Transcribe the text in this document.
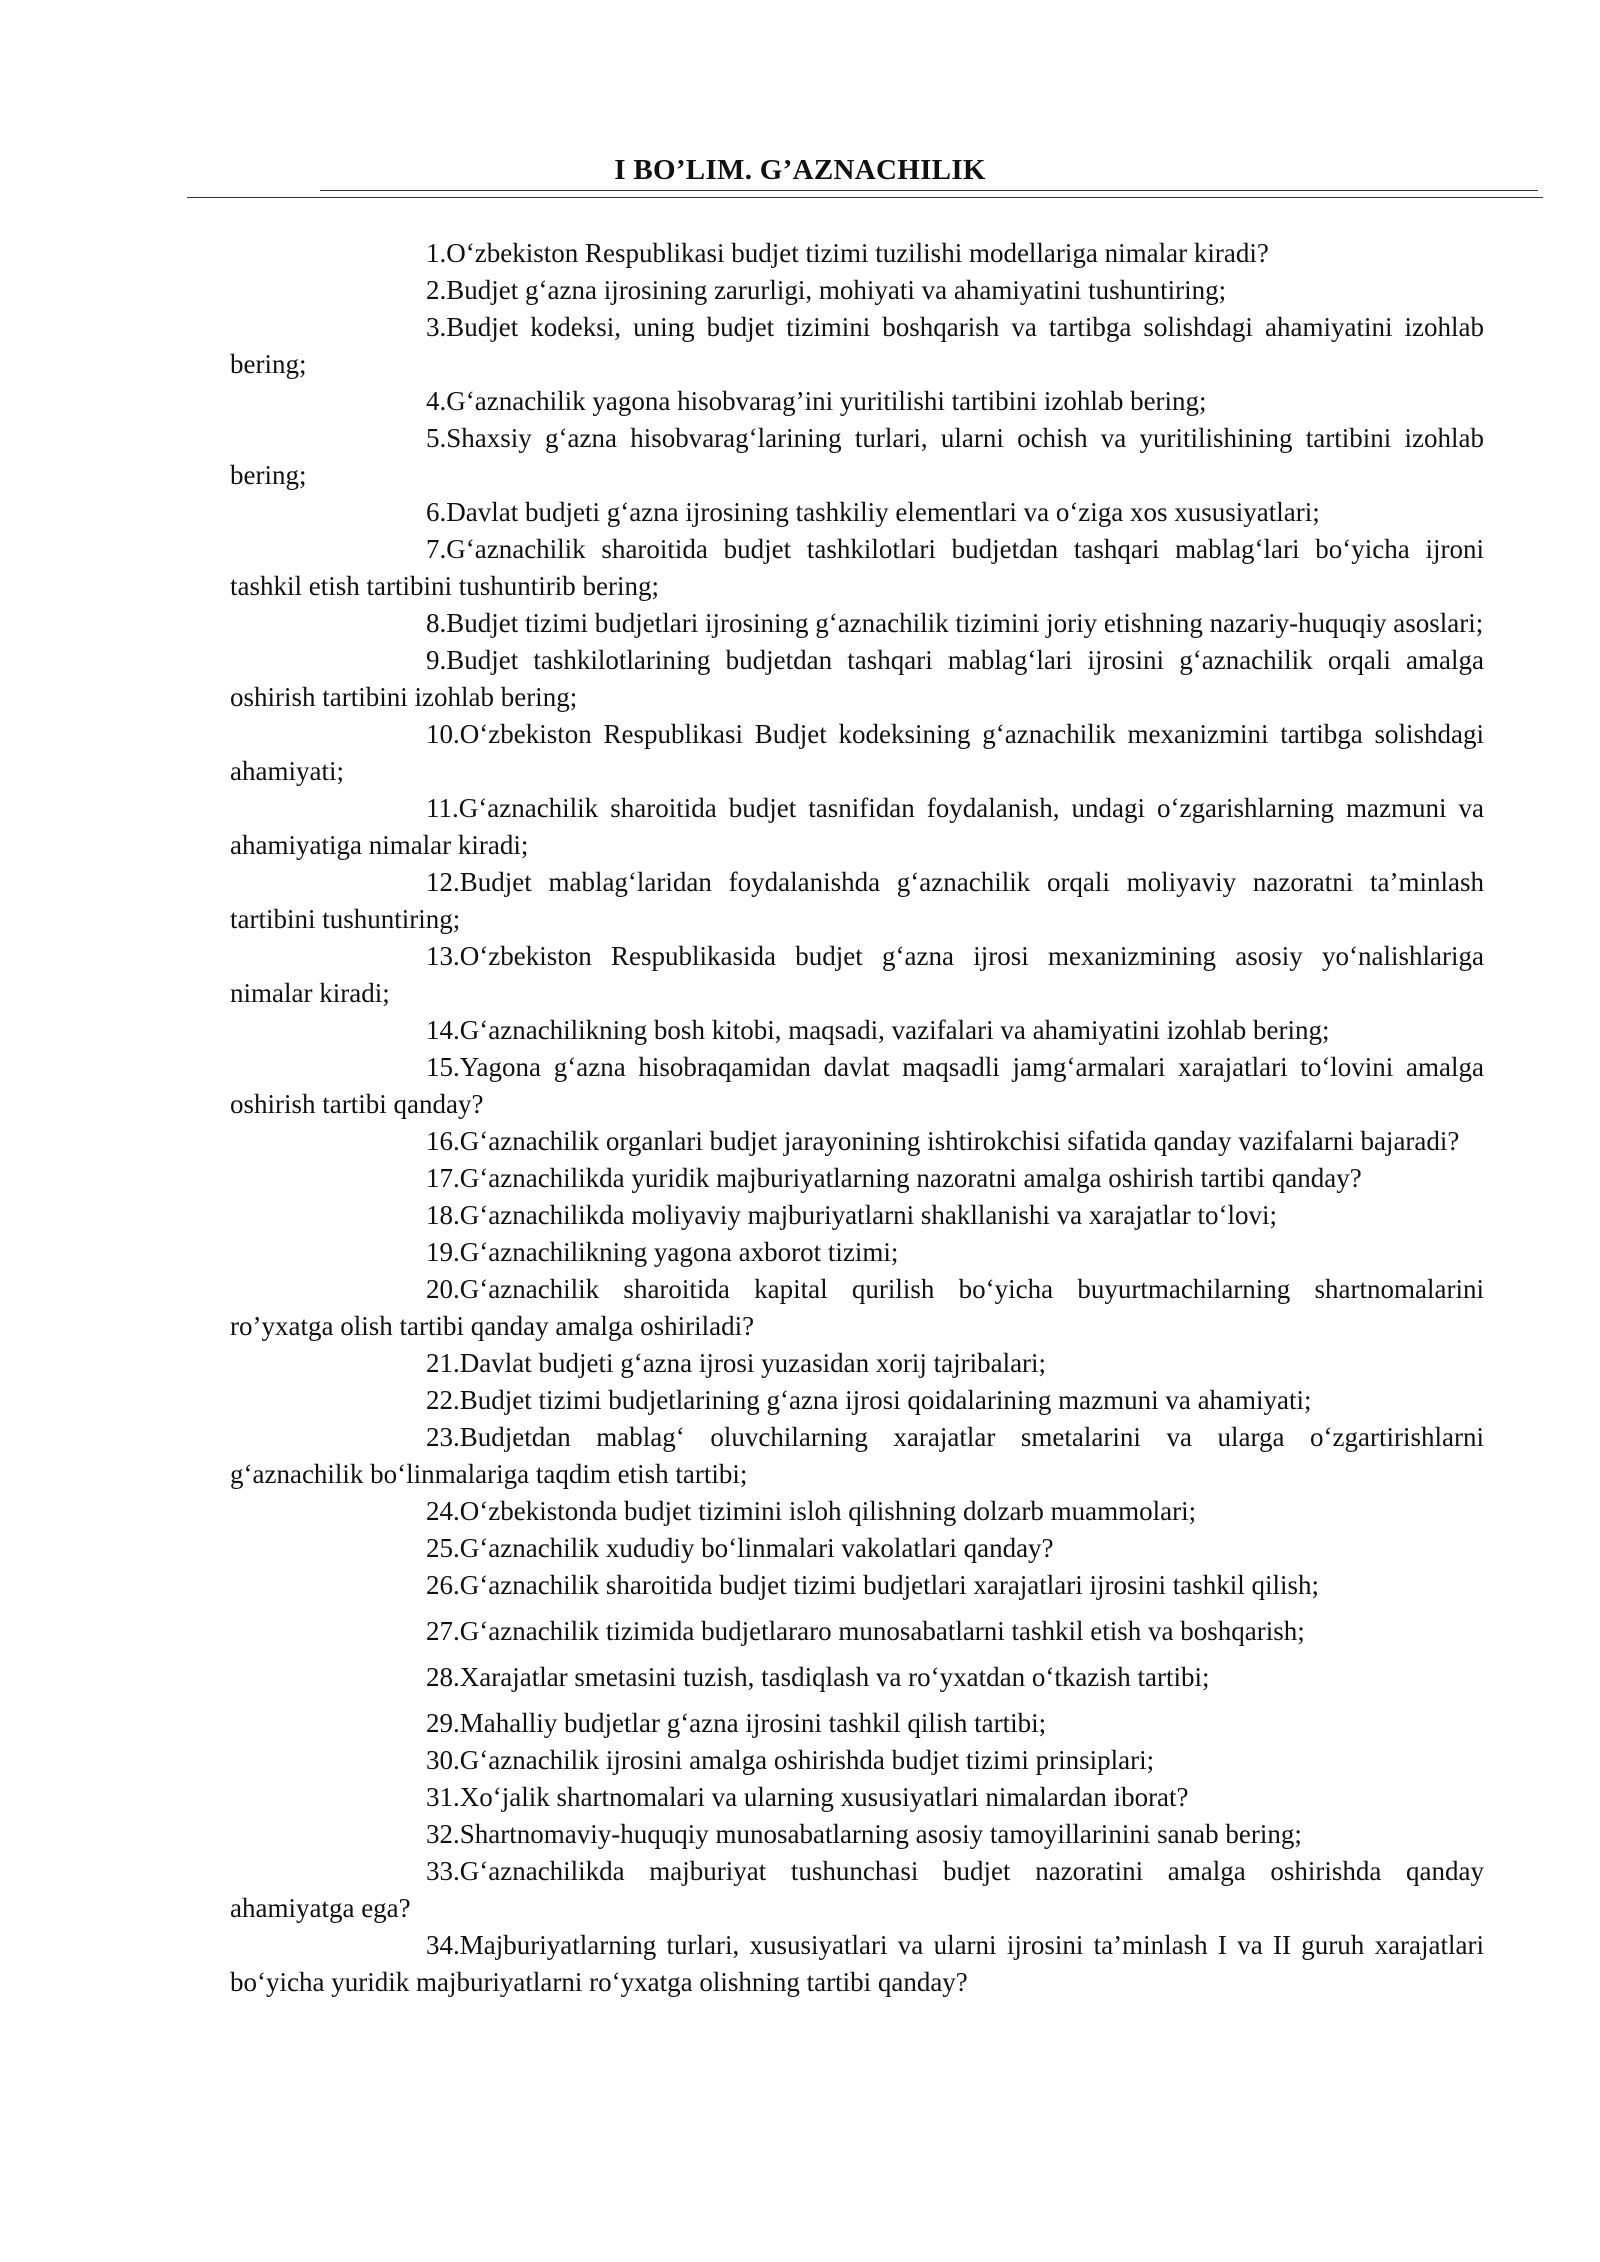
I BO’LIM. G’AZNACHILIK
1.O‘zbekiston Respublikasi budjet tizimi tuzilishi modellariga nimalar kiradi?
2.Budjet g‘azna ijrosining zarurligi, mohiyati va ahamiyatini tushuntiring;
3.Budjet kodeksi, uning budjet tizimini boshqarish va tartibga solishdagi ahamiyatini izohlab bering;
4.G‘aznachilik yagona hisobvarag’ini yuritilishi tartibini izohlab bering;
5.Shaxsiy g‘azna hisobvarag‘larining turlari, ularni ochish va yuritilishining tartibini izohlab bering;
6.Davlat budjeti g‘azna ijrosining tashkiliy elementlari va o‘ziga xos xususiyatlari;
7.G‘aznachilik sharoitida budjet tashkilotlari budjetdan tashqari mablag‘lari bo‘yicha ijroni tashkil etish tartibini tushuntirib bering;
8.Budjet tizimi budjetlari ijrosining g‘aznachilik tizimini joriy etishning nazariy-huquqiy asoslari;
9.Budjet tashkilotlarining budjetdan tashqari mablag‘lari ijrosini g‘aznachilik orqali amalga oshirish tartibini izohlab bering;
10.O‘zbekiston Respublikasi Budjet kodeksining g‘aznachilik mexanizmini tartibga solishdagi ahamiyati;
11.G‘aznachilik sharoitida budjet tasnifidan foydalanish, undagi o‘zgarishlarning mazmuni va ahamiyatiga nimalar kiradi;
12.Budjet mablag‘laridan foydalanishda g‘aznachilik orqali moliyaviy nazoratni ta’minlash tartibini tushuntiring;
13.O‘zbekiston Respublikasida budjet g‘azna ijrosi mexanizmining asosiy yo‘nalishlariga nimalar kiradi;
14.G‘aznachilikning bosh kitobi, maqsadi, vazifalari va ahamiyatini izohlab bering;
15.Yagona g‘azna hisobraqamidan davlat maqsadli jamg‘armalari xarajatlari to‘lovini amalga oshirish tartibi qanday?
16.G‘aznachilik organlari budjet jarayonining ishtirokchisi sifatida qanday vazifalarni bajaradi?
17.G‘aznachilikda yuridik majburiyatlarning nazoratni amalga oshirish tartibi qanday?
18.G‘aznachilikda moliyaviy majburiyatlarni shakllanishi va xarajatlar to‘lovi;
19.G‘aznachilikning yagona axborot tizimi;
20.G‘aznachilik sharoitida kapital qurilish bo‘yicha buyurtmachilarning shartnomalarini ro’yxatga olish tartibi qanday amalga oshiriladi?
21.Davlat budjeti g‘azna ijrosi yuzasidan xorij tajribalari;
22.Budjet tizimi budjetlarining g‘azna ijrosi qoidalarining mazmuni va ahamiyati;
23.Budjetdan mablag‘ oluvchilarning xarajatlar smetalarini va ularga o‘zgartirishlarni g‘aznachilik bo‘linmalariga taqdim etish tartibi;
24.O‘zbekistonda budjet tizimini isloh qilishning dolzarb muammolari;
25.G‘aznachilik xududiy bo‘linmalari vakolatlari qanday?
26.G‘aznachilik sharoitida budjet tizimi budjetlari xarajatlari ijrosini tashkil qilish;
27.G‘aznachilik tizimida budjetlararo munosabatlarni tashkil etish va boshqarish;
28.Xarajatlar smetasini tuzish, tasdiqlash va ro‘yxatdan o‘tkazish tartibi;
29.Mahalliy budjetlar g‘azna ijrosini tashkil qilish tartibi;
30.G‘aznachilik ijrosini amalga oshirishda budjet tizimi prinsiplari;
31.Xo‘jalik shartnomalari va ularning xususiyatlari nimalardan iborat?
32.Shartnomaviy-huquqiy munosabatlarning asosiy tamoyillarinini sanab bering;
33.G‘aznachilikda majburiyat tushunchasi budjet nazoratini amalga oshirishda qanday ahamiyatga ega?
34.Majburiyatlarning turlari, xususiyatlari va ularni ijrosini ta’minlash I va II guruh xarajatlari bo‘yicha yuridik majburiyatlarni ro‘yxatga olishning tartibi qanday?
